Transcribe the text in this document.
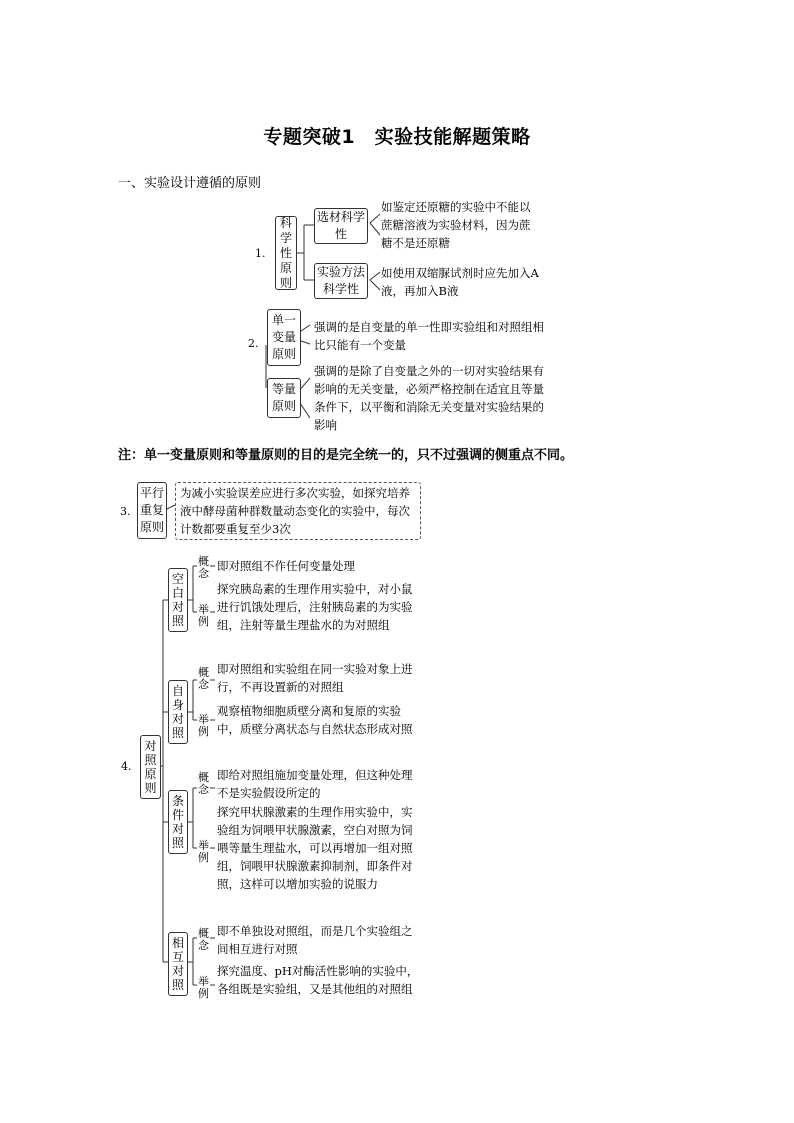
专题突破1　实验技能解题策略
一、实验设计遵循的原则
1.
科
学
性
原
则
选材科学性
如鉴定还原糖的实验中不能以蔗糖溶液为实验材料，因为蔗糖不是还原糖
实验方法科学性
如使用双缩脲试剂时应先加入A液，再加入B液
2.
单一
变量
原则
强调的是自变量的单一性即实验组和对照组相比只能有一个变量
等量
原则
强调的是除了自变量之外的一切对实验结果有影响的无关变量，必须严格控制在适宜且等量条件下，以平衡和消除无关变量对实验结果的影响
注：单一变量原则和等量原则的目的是完全统一的，只不过强调的侧重点不同。
3.
平行
重复
原则
为减小实验误差应进行多次实验，如探究培养液中酵母菌种群数量动态变化的实验中，每次计数都要重复至少3次
4.
对
照
原
则
空
白
对
照
自
身
对
照
条
件
对
照
相
互
对
照
概
念
举
例
概
念
举
例
概
念
举
例
概
念
举
例
即对照组不作任何变量处理
探究胰岛素的生理作用实验中，对小鼠进行饥饿处理后，注射胰岛素的为实验组，注射等量生理盐水的为对照组
即对照组和实验组在同一实验对象上进行，不再设置新的对照组
观察植物细胞质壁分离和复原的实验中，质壁分离状态与自然状态形成对照
即给对照组施加变量处理，但这种处理不是实验假设所定的
探究甲状腺激素的生理作用实验中，实验组为饲喂甲状腺激素，空白对照为饲喂等量生理盐水，可以再增加一组对照组，饲喂甲状腺激素抑制剂，即条件对照，这样可以增加实验的说服力
即不单独设对照组，而是几个实验组之间相互进行对照
探究温度、pH对酶活性影响的实验中，各组既是实验组，又是其他组的对照组
